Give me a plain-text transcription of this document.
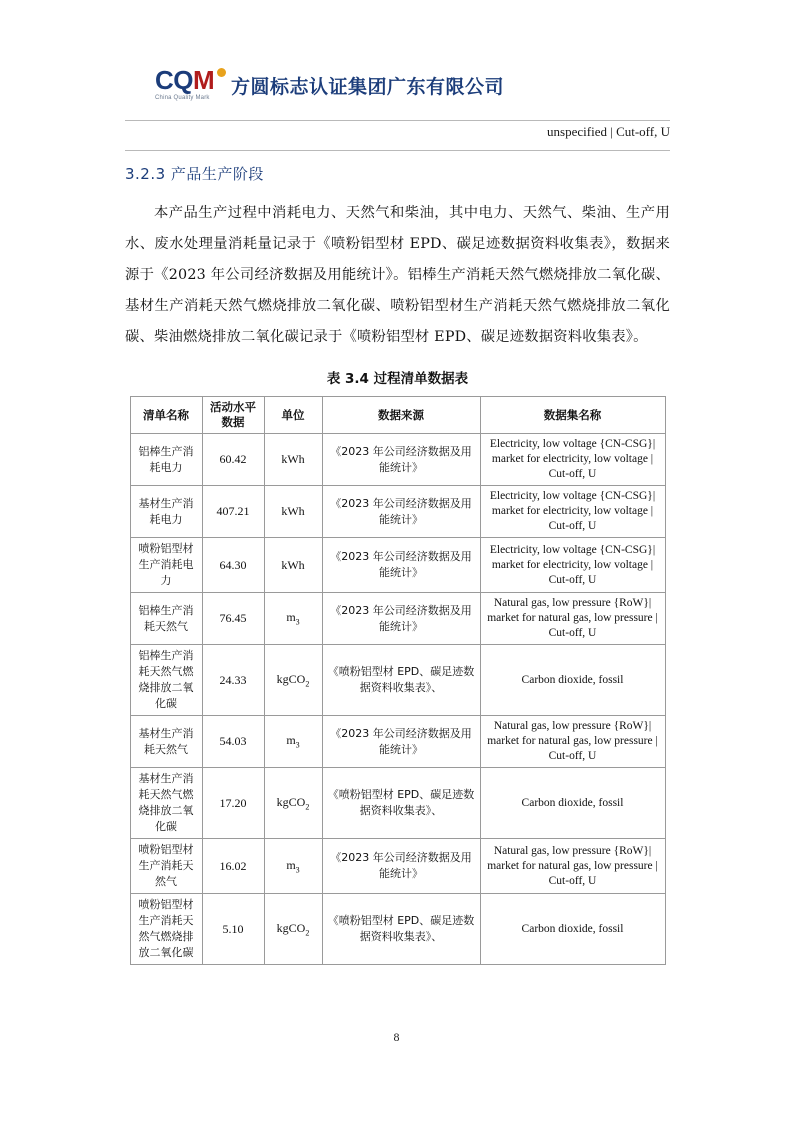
CQM
China Quality Mark	方圆标志认证集团广东有限公司
unspecified | Cut-off, U
3.2.3 产品生产阶段

本产品生产过程中消耗电力、天然气和柴油，其中电力、天然气、柴油、生产用水、废水处理量消耗量记录于《喷粉铝型材 EPD、碳足迹数据资料收集表》，数据来源于《2023 年公司经济数据及用能统计》。铝棒生产消耗天然气燃烧排放二氧化碳、基材生产消耗天然气燃烧排放二氧化碳、喷粉铝型材生产消耗天然气燃烧排放二氧化碳、柴油燃烧排放二氧化碳记录于《喷粉铝型材 EPD、碳足迹数据资料收集表》。

表 3.4 过程清单数据表
清单名称	活动水平数据	单位	数据来源	数据集名称
铝棒生产消耗电力	60.42	kWh	《2023 年公司经济数据及用能统计》	Electricity, low voltage {CN-CSG}| market for electricity, low voltage | Cut-off, U
基材生产消耗电力	407.21	kWh	《2023 年公司经济数据及用能统计》	Electricity, low voltage {CN-CSG}| market for electricity, low voltage | Cut-off, U
喷粉铝型材生产消耗电力	64.30	kWh	《2023 年公司经济数据及用能统计》	Electricity, low voltage {CN-CSG}| market for electricity, low voltage | Cut-off, U
铝棒生产消耗天然气	76.45	$m_3$	《2023 年公司经济数据及用能统计》	Natural gas, low pressure {RoW}| market for natural gas, low pressure | Cut-off, U
铝棒生产消耗天然气燃烧排放二氧化碳	24.33	kgCO$_2$	《喷粉铝型材 EPD、碳足迹数据资料收集表》、	Carbon dioxide, fossil
基材生产消耗天然气	54.03	$m_3$	《2023 年公司经济数据及用能统计》	Natural gas, low pressure {RoW}| market for natural gas, low pressure | Cut-off, U
基材生产消耗天然气燃烧排放二氧化碳	17.20	kgCO$_2$	《喷粉铝型材 EPD、碳足迹数据资料收集表》、	Carbon dioxide, fossil
喷粉铝型材生产消耗天然气	16.02	$m_3$	《2023 年公司经济数据及用能统计》	Natural gas, low pressure {RoW}| market for natural gas, low pressure | Cut-off, U
喷粉铝型材生产消耗天然气燃烧排放二氧化碳	5.10	kgCO$_2$	《喷粉铝型材 EPD、碳足迹数据资料收集表》、	Carbon dioxide, fossil
8
